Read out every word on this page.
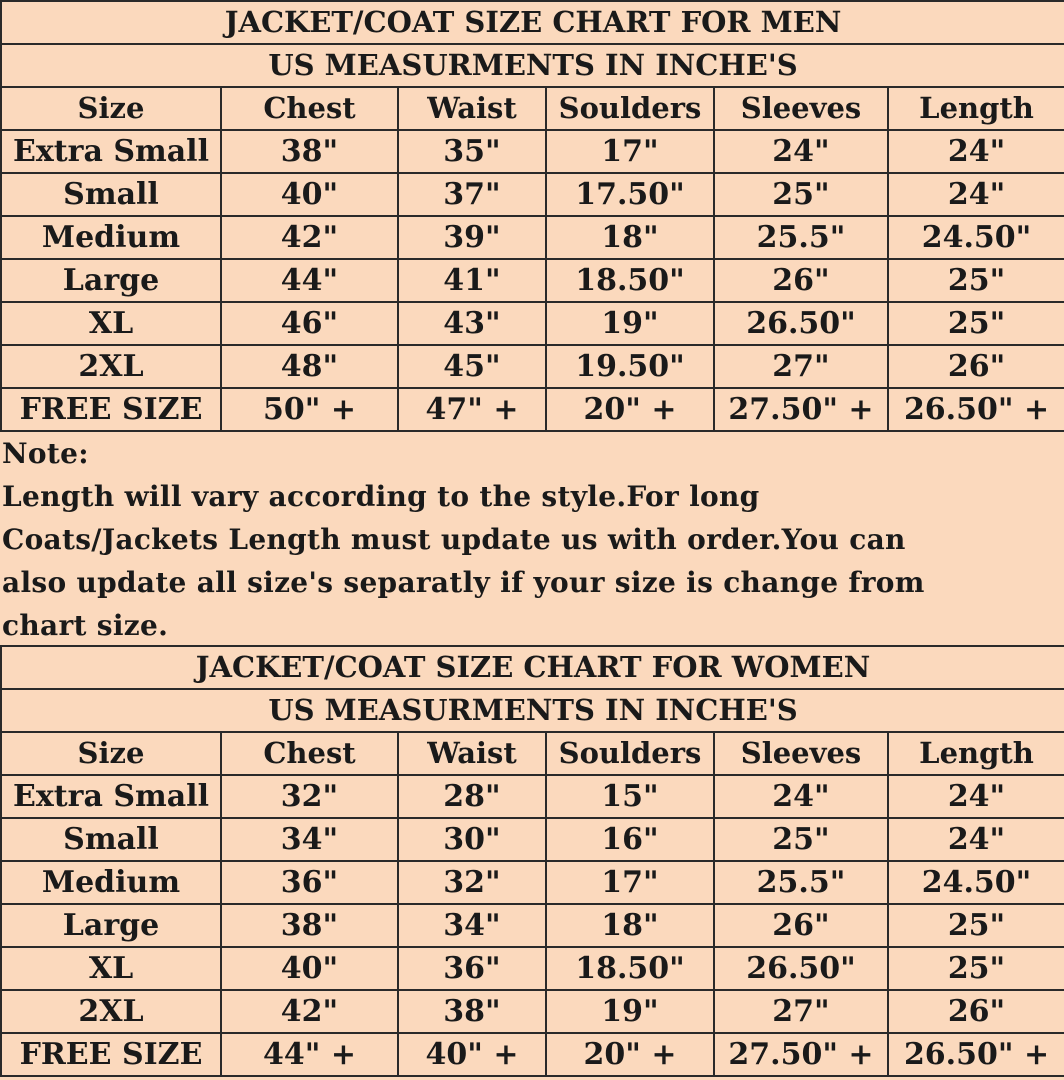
JACKET/COAT SIZE CHART FOR MEN					
US MEASURMENTS IN INCHE'S					
Size	Chest	Waist	Soulders	Sleeves	Length
Extra Small	38"	35"	17"	24"	24"
Small	40"	37"	17.50"	25"	24"
Medium	42"	39"	18"	25.5"	24.50"
Large	44"	41"	18.50"	26"	25"
XL	46"	43"	19"	26.50"	25"
2XL	48"	45"	19.50"	27"	26"
FREE SIZE	50" +	47" +	20" +	27.50" +	26.50" +
Note:
Length will vary according to the style.For long
Coats/Jackets Length must update us with order.You can
also update all size's separatly if your size is change from
chart size.
JACKET/COAT SIZE CHART FOR WOMEN					
US MEASURMENTS IN INCHE'S					
Size	Chest	Waist	Soulders	Sleeves	Length
Extra Small	32"	28"	15"	24"	24"
Small	34"	30"	16"	25"	24"
Medium	36"	32"	17"	25.5"	24.50"
Large	38"	34"	18"	26"	25"
XL	40"	36"	18.50"	26.50"	25"
2XL	42"	38"	19"	27"	26"
FREE SIZE	44" +	40" +	20" +	27.50" +	26.50" +
